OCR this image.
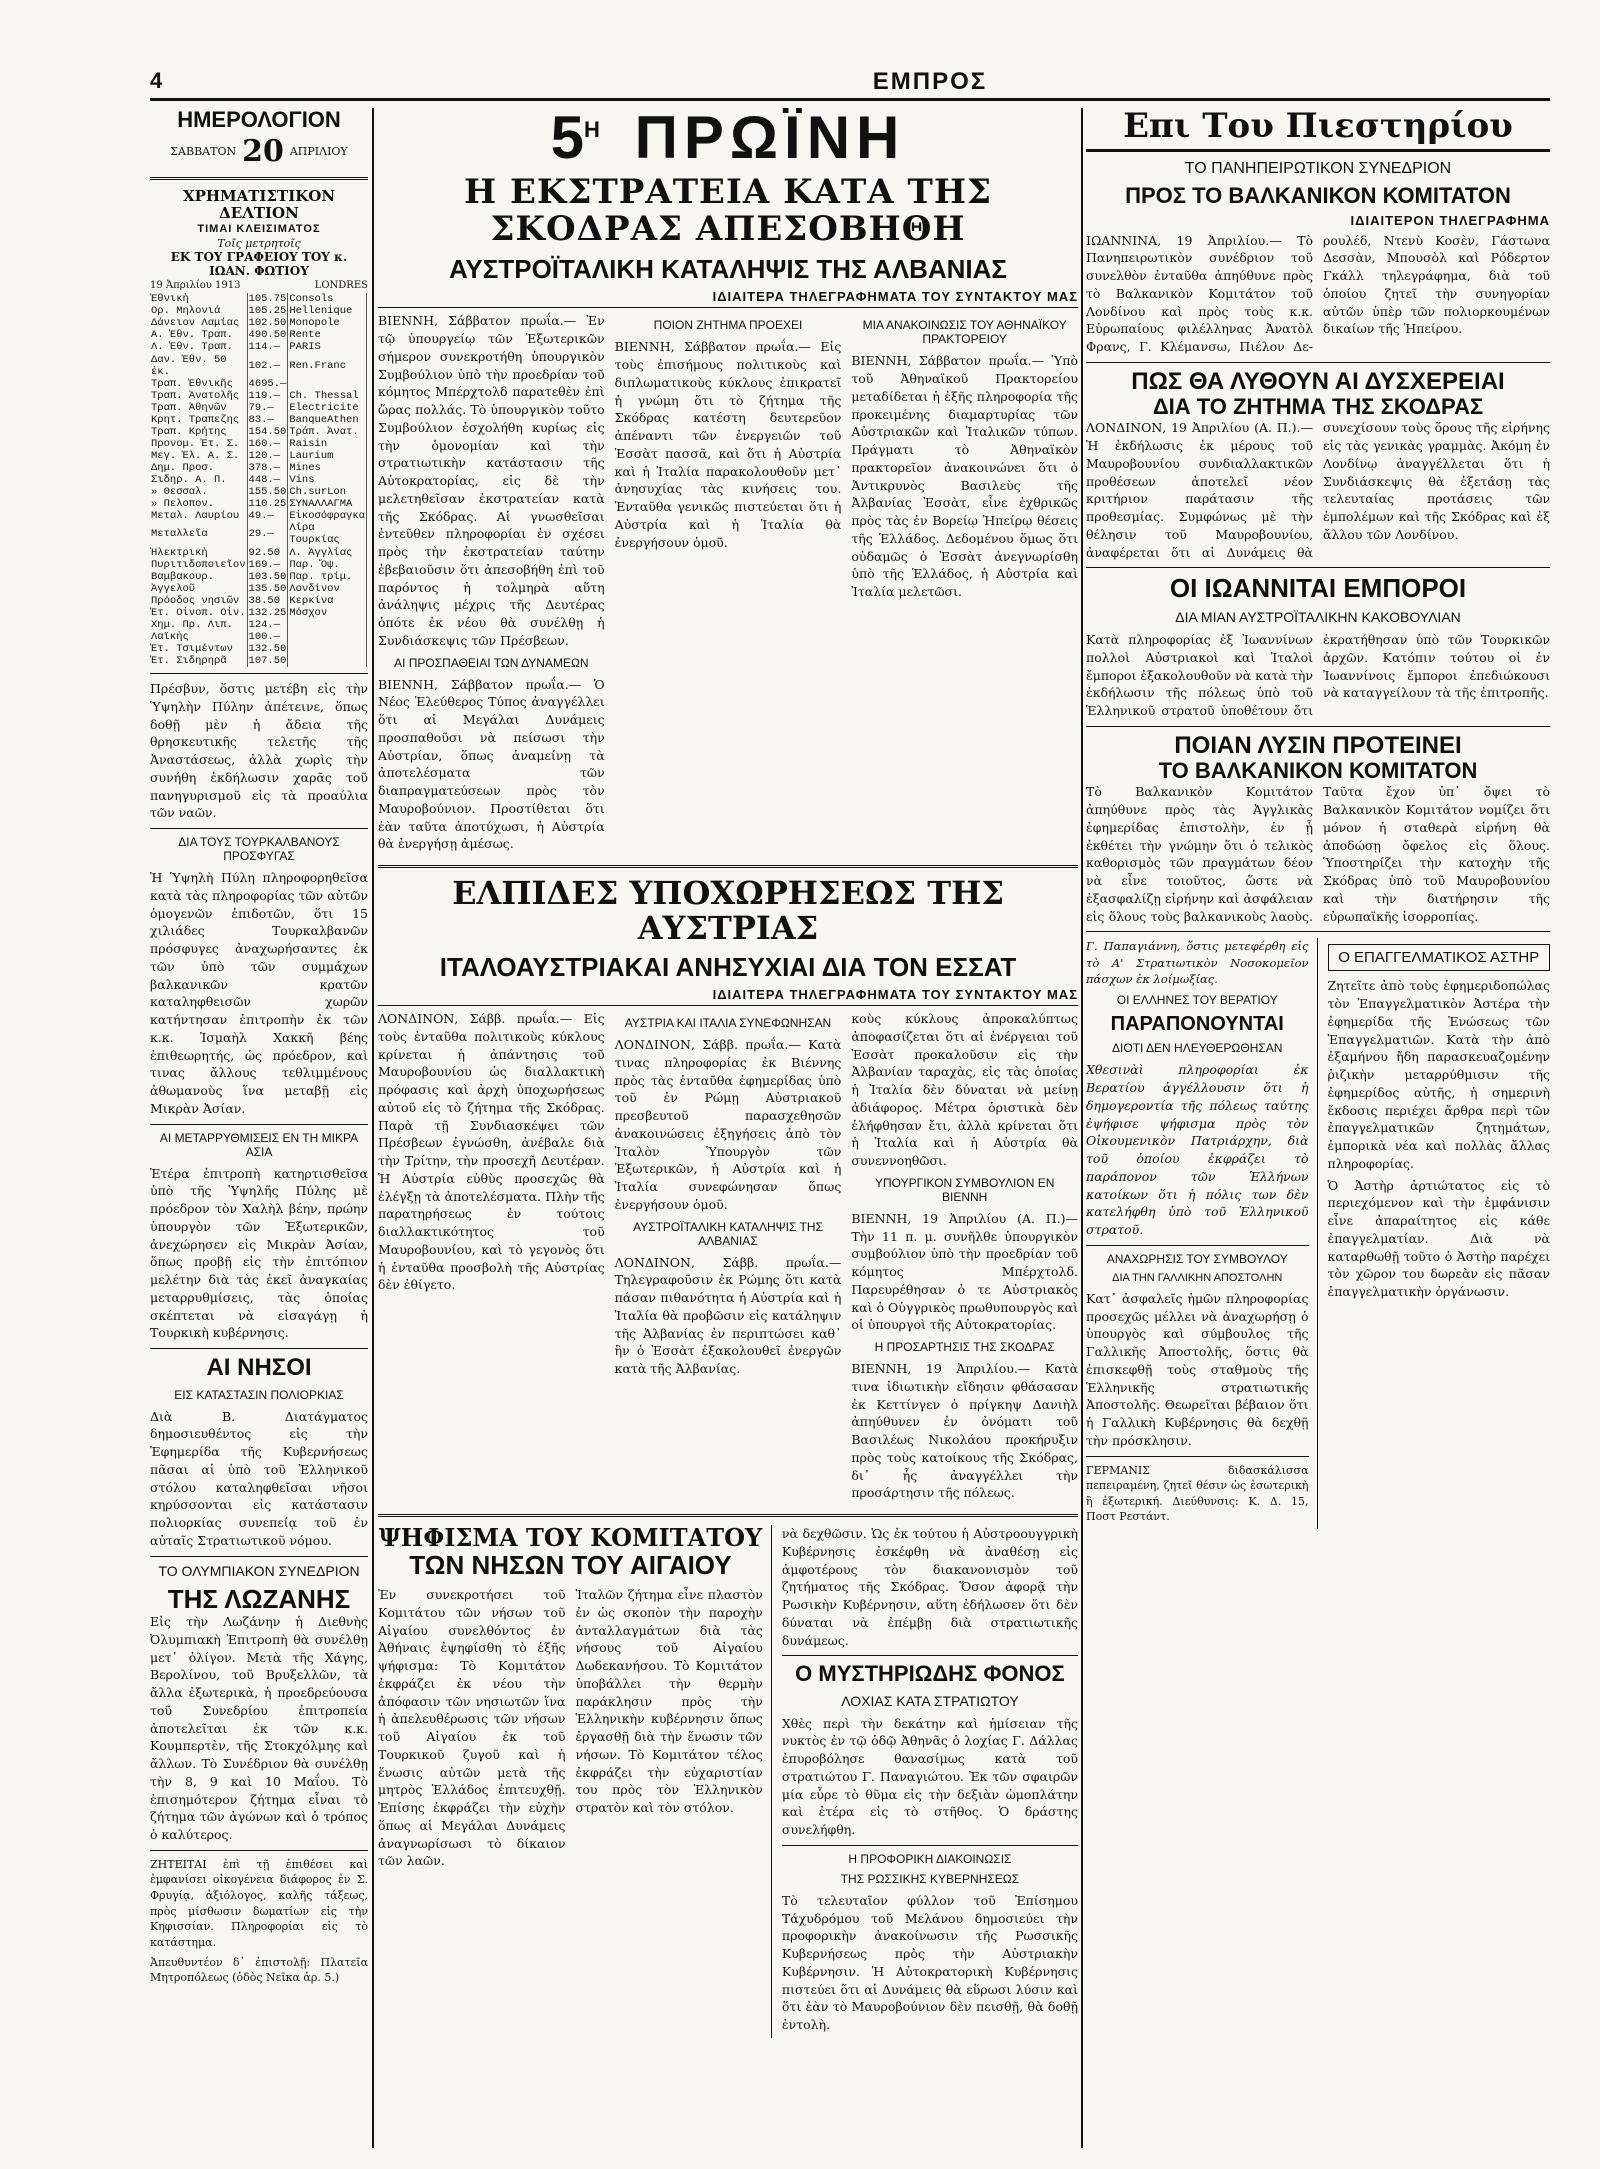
4	ΕΜΠΡΟΣ
ΗΜΕΡΟΛΟΓΙΟΝ
ΣΑΒΒΑΤΟΝ 20 ΑΠΡΙΛΙΟΥ
ΧΡΗΜΑΤΙΣΤΙΚΟΝ ΔΕΛΤΙΟΝ
ΤΙΜΑΙ ΚΛΕΙΣΙΜΑΤΟΣ
Τοῖς μετρητοῖς
ΕΚ ΤΟΥ ΓΡΑΦΕΙΟΥ ΤΟΥ κ. ΙΩΑΝ. ΦΩΤΙΟΥ
19 Ἀπριλίου 1913	LONDRES
Ἐθνικὴ	105.75	Consols	
Ορ. Μηλονιά	105.25	Hellenique	
Δάνειον Λαμίας	102.50	Monopole	
Α. Ἐθν. Τραπ.	490.50	Rente	
Λ. Ἐθν. Τραπ.	114.—	PARIS	
Δαν. Ἐθν. 50 ἐκ.	102.—	Ren.Franc	
Τραπ. Ἐθνικῆς	4695.—		
Τραπ. Ἀνατολῆς	119.—	Ch. Thessal	
Τραπ. Ἀθηνῶν	79.—	Electricite	
Κρητ. Τραπεζης	83.—	BanqueAthen	
Τραπ. Κρήτης	154.50	Τράπ. Ἀνατ.	
Προνομ. Ἐτ. Σ.	160.—	Raisin	
Μεγ. Ἐλ. Α. Σ.	120.—	Laurium	
Δημ. Προσ.	378.—	Mines	
Σιδηρ. Α. Π.	448.—	Vins	
» Θεσσαλ.	155.50	Ch.surLon	
» Πελοπον.	110.25	ΣΥΝΑΛΛΑΓΜΑ	
Μεταλ. Λαυρίου	49.—	Εἰκοσόφραγκα	
Μεταλλεῖα	29.—	Λίρα Τουρκίας	
Ἠλεκτρικὴ	92.50	Λ. Ἀγγλίας	
Πυριτιδοποιεῖον	169.—	Παρ. Ὄψ.	
Βαμβακουρ.	103.50	Παρ. τρίμ.	
Ἀγγελοῦ	135.50	Λονδίνον	
Πρόοδος νησιῶν	38.50	Κερκίνα	
Ἐτ. Οἰνοπ. Οἰν.	132.25	Μόσχον	
Χημ. Πρ. Λιπ.	124.—		
Λαϊκὴς	100.—		
Ἐτ. Τσιμέντων	132.50		
Ἐτ. Σιδηρηρᾶ	107.50		

Πρέσβυν, ὅστις μετέβη εἰς τὴν Ὑψηλὴν Πύλην ἀπέτεινε, ὅπως δοθῇ μὲν ἡ ἄδεια τῆς θρησκευτικῆς τελετῆς τῆς Ἀναστάσεως, ἀλλὰ χωρὶς τὴν συνήθη ἐκδήλωσιν χαρᾶς τοῦ πανηγυρισμοῦ εἰς τὰ προαύλια τῶν ναῶν.

ΔΙΑ ΤΟΥΣ ΤΟΥΡΚΑΛΒΑΝΟΥΣ ΠΡΟΣΦΥΓΑΣ

Ἡ Ὑψηλὴ Πύλη πληροφορηθεῖσα κατὰ τὰς πληροφορίας τῶν αὐτῶν ὁμογενῶν ἐπιδοτῶν, ὅτι 15 χιλιάδες Τουρκαλβανῶν πρόσφυγες ἀναχωρήσαντες ἐκ τῶν ὑπὸ τῶν συμμάχων βαλκανικῶν κρατῶν καταληφθεισῶν χωρῶν κατήντησαν ἐπιτροπὴν ἐκ τῶν κ.κ. Ἰσμαὴλ Χακκῆ βέης ἐπιθεωρητής, ὡς πρόεδρον, καὶ τινας ἄλλους τεθλιμμένους ἀθωμανοὺς ἵνα μεταβῇ εἰς Μικρὰν Ἀσίαν.

ΑΙ ΜΕΤΑΡΡΥΘΜΙΣΕΙΣ ΕΝ ΤΗ ΜΙΚΡΑ ΑΣΙΑ

Ἑτέρα ἐπιτροπὴ κατηρτισθεῖσα ὑπὸ τῆς Ὑψηλῆς Πύλης μὲ πρόεδρον τὸν Χαλὴλ βέην, πρώην ὑπουργὸν τῶν Ἐξωτερικῶν, ἀνεχώρησεν εἰς Μικρὰν Ἀσίαν, ὅπως προβῇ εἰς τὴν ἐπιτόπιον μελέτην διὰ τὰς ἐκεῖ ἀναγκαίας μεταρρυθμίσεις, τὰς ὁποίας σκέπτεται νὰ εἰσαγάγῃ ἡ Τουρκικὴ κυβέρνησις.

ΑΙ ΝΗΣΟΙ
ΕΙΣ ΚΑΤΑΣΤΑΣΙΝ ΠΟΛΙΟΡΚΙΑΣ

Διὰ Β. Διατάγματος δημοσιευθέντος εἰς τὴν Ἐφημερίδα τῆς Κυβερνήσεως πᾶσαι αἱ ὑπὸ τοῦ Ἑλληνικοῦ στόλου καταληφθεῖσαι νῆσοι κηρύσσονται εἰς κατάστασιν πολιορκίας συνεπείᾳ τοῦ ἐν αὐταῖς Στρατιωτικοῦ νόμου.

ΤΟ ΟΛΥΜΠΙΑΚΟΝ ΣΥΝΕΔΡΙΟΝ
ΤΗΣ ΛΩΖΑΝΗΣ

Εἰς τὴν Λωζάνην ἡ Διεθνὴς Ὀλυμπιακὴ Ἐπιτροπὴ θὰ συνέλθῃ μετ᾽ ὀλίγον. Μετὰ τῆς Χάγης, Βερολίνου, τοῦ Βρυξελλῶν, τὰ ἄλλα ἐξωτερικὰ, ἡ προεδρεύουσα τοῦ Συνεδρίου ἐπιτροπεία ἀποτελεῖται ἐκ τῶν κ.κ. Κουμπερτὲν, τῆς Στοκχόλμης καὶ ἄλλων. Τὸ Συνέδριον θὰ συνέλθῃ τὴν 8, 9 καὶ 10 Μαΐου. Τὸ ἐπισημότερον ζήτημα εἶναι τὸ ζήτημα τῶν ἀγώνων καὶ ὁ τρόπος ὁ καλύτερος.

ΖΗΤΕΙΤΑΙ ἐπὶ τῇ ἐπιθέσει καὶ ἐμφανίσει οἰκογένεια διάφορος ἐν Σ. Φρυγίᾳ, ἀξιόλογος, καλῆς τάξεως, πρὸς μίσθωσιν δωματίων εἰς τὴν Κηφισσίαν. Πληροφορίαι εἰς τὸ κατάστημα.

Ἀπευθυντέον δ᾽ ἐπιστολῇ: Πλατεῖα Μητροπόλεως (ὁδὸς Νεῖκα ἀρ. 5.)

$5^H$ ΠΡΩΪΝΗ
Η ΕΚΣΤΡΑΤΕΙΑ ΚΑΤΑ ΤΗΣ ΣΚΟΔΡΑΣ ΑΠΕΣΟΒΗΘΗ
ΑΥΣΤΡΟΪΤΑΛΙΚΗ ΚΑΤΑΛΗΨΙΣ ΤΗΣ ΑΛΒΑΝΙΑΣ
ΙΔΙΑΙΤΕΡΑ ΤΗΛΕΓΡΑΦΗΜΑΤΑ ΤΟΥ ΣΥΝΤΑΚΤΟΥ ΜΑΣ

ΒΙΕΝΝΗ, Σάββατον πρωΐα.— Ἐν τῷ ὑπουργείῳ τῶν Ἐξωτερικῶν σήμερον συνεκροτήθη ὑπουργικὸν Συμβούλιον ὑπὸ τὴν προεδρίαν τοῦ κόμητος Μπέρχτολδ παρατεθὲν ἐπὶ ὥρας πολλάς. Τὸ ὑπουργικὸν τοῦτο Συμβούλιον ἐσχολήθη κυρίως εἰς τὴν ὁμονομίαν καὶ τὴν στρατιωτικὴν κατάστασιν τῆς Αὐτοκρατορίας, εἰς δὲ τὴν μελετηθεῖσαν ἐκστρατείαν κατὰ τῆς Σκόδρας. Αἱ γνωσθεῖσαι ἐντεῦθεν πληροφορίαι ἐν σχέσει πρὸς τὴν ἐκστρατείαν ταύτην ἐβεβαιοῦσιν ὅτι ἀπεσοβήθη ἐπὶ τοῦ παρόντος ἡ τολμηρὰ αὕτη ἀνάληψις μέχρις τῆς Δευτέρας ὁπότε ἐκ νέου θὰ συνέλθῃ ἡ Συνδιάσκεψις τῶν Πρέσβεων.

ΑΙ ΠΡΟΣΠΑΘΕΙΑΙ ΤΩΝ ΔΥΝΑΜΕΩΝ

ΒΙΕΝΝΗ, Σάββατον πρωΐα.— Ὁ Νέος Ἐλεύθερος Τύπος ἀναγγέλλει ὅτι αἱ Μεγάλαι Δυνάμεις προσπαθοῦσι νὰ πείσωσι τὴν Αὐστρίαν, ὅπως ἀναμείνῃ τὰ ἀποτελέσματα τῶν διαπραγματεύσεων πρὸς τὸν Μαυροβούνιον. Προστίθεται ὅτι ἐὰν ταῦτα ἀποτύχωσι, ἡ Αὐστρία θὰ ἐνεργήσῃ ἀμέσως.

ΠΟΙΟΝ ΖΗΤΗΜΑ ΠΡΟΕΧΕΙ

ΒΙΕΝΝΗ, Σάββατον πρωΐα.— Εἰς τοὺς ἐπισήμους πολιτικοὺς καὶ διπλωματικοὺς κύκλους ἐπικρατεῖ ἡ γνώμη ὅτι τὸ ζήτημα τῆς Σκόδρας κατέστη δευτερεῦον ἀπέναντι τῶν ἐνεργειῶν τοῦ Ἐσσὰτ πασσᾶ, καὶ ὅτι ἡ Αὐστρία καὶ ἡ Ἰταλία παρακολουθοῦν μετ᾽ ἀνησυχίας τὰς κινήσεις του. Ἐνταῦθα γενικῶς πιστεύεται ὅτι ἡ Αὐστρία καὶ ἡ Ἰταλία θὰ ἐνεργήσουν ὁμοῦ.

ΜΙΑ ΑΝΑΚΟΙΝΩΣΙΣ ΤΟΥ ΑΘΗΝΑΪΚΟΥ ΠΡΑΚΤΟΡΕΙΟΥ

ΒΙΕΝΝΗ, Σάββατον πρωΐα.— Ὑπὸ τοῦ Ἀθηναϊκοῦ Πρακτορείου μεταδίδεται ἡ ἐξῆς πληροφορία τῆς προκειμένης διαμαρτυρίας τῶν Αὐστριακῶν καὶ Ἰταλικῶν τύπων. Πράγματι τὸ Ἀθηναϊκὸν πρακτορεῖον ἀνακοινώνει ὅτι ὁ Ἀντικρυνὸς Βασιλεὺς τῆς Ἀλβανίας Ἐσσὰτ, εἶνε ἐχθρικῶς πρὸς τὰς ἐν Βορείῳ Ἠπείρῳ θέσεις τῆς Ἑλλάδος. Δεδομένου ὅμως ὅτι οὐδαμῶς ὁ Ἐσσὰτ ἀνεγνωρίσθη ὑπὸ τῆς Ἑλλάδος, ἡ Αὐστρία καὶ Ἰταλία μελετῶσι.

ΕΛΠΙΔΕΣ ΥΠΟΧΩΡΗΣΕΩΣ ΤΗΣ ΑΥΣΤΡΙΑΣ
ΙΤΑΛΟΑΥΣΤΡΙΑΚΑΙ ΑΝΗΣΥΧΙΑΙ ΔΙΑ ΤΟΝ ΕΣΣΑΤ
ΙΔΙΑΙΤΕΡΑ ΤΗΛΕΓΡΑΦΗΜΑΤΑ ΤΟΥ ΣΥΝΤΑΚΤΟΥ ΜΑΣ

ΛΟΝΔΙΝΟΝ, Σάββ. πρωΐα.— Εἰς τοὺς ἐνταῦθα πολιτικοὺς κύκλους κρίνεται ἡ ἀπάντησις τοῦ Μαυροβουνίου ὡς διαλλακτικὴ πρόφασις καὶ ἀρχὴ ὑποχωρήσεως αὐτοῦ εἰς τὸ ζήτημα τῆς Σκόδρας. Παρὰ τῇ Συνδιασκέψει τῶν Πρέσβεων ἐγνώσθη, ἀνέβαλε διὰ τὴν Τρίτην, τὴν προσεχῆ Δευτέραν. Ἡ Αὐστρία εὐθὺς προσεχῶς θὰ ἐλέγξῃ τὰ ἀποτελέσματα. Πλὴν τῆς παρατηρήσεως ἐν τούτοις διαλλακτικότητος τοῦ Μαυροβουνίου, καὶ τὸ γεγονὸς ὅτι ἡ ἐνταῦθα προσβολὴ τῆς Αὐστρίας δὲν ἐθίγετο.

ΑΥΣΤΡΙΑ ΚΑΙ ΙΤΑΛΙΑ ΣΥΝΕΦΩΝΗΣΑΝ

ΛΟΝΔΙΝΟΝ, Σάββ. πρωΐα.— Κατὰ τινας πληροφορίας ἐκ Βιέννης πρὸς τὰς ἐνταῦθα ἐφημερίδας ὑπὸ τοῦ ἐν Ρώμῃ Αὐστριακοῦ πρεσβευτοῦ παρασχεθησῶν ἀνακοινώσεις ἐξηγήσεις ἀπὸ τὸν Ἰταλὸν Ὑπουργὸν τῶν Ἐξωτερικῶν, ἡ Αὐστρία καὶ ἡ Ἰταλία συνεφώνησαν ὅπως ἐνεργήσουν ὁμοῦ.

ΑΥΣΤΡΟΪΤΑΛΙΚΗ ΚΑΤΑΛΗΨΙΣ ΤΗΣ ΑΛΒΑΝΙΑΣ

ΛΟΝΔΙΝΟΝ, Σάββ. πρωΐα.— Τηλεγραφοῦσιν ἐκ Ρώμης ὅτι κατὰ πάσαν πιθανότητα ἡ Αὐστρία καὶ ἡ Ἰταλία θὰ προβῶσιν εἰς κατάληψιν τῆς Ἀλβανίας ἐν περιπτώσει καθ᾽ ἣν ὁ Ἐσσὰτ ἐξακολουθεῖ ἐνεργῶν κατὰ τῆς Ἀλβανίας.

κοὺς κύκλους ἀπροκαλύπτως ἀποφασίζεται ὅτι αἱ ἐνέργειαι τοῦ Ἐσσὰτ προκαλοῦσιν εἰς τὴν Ἀλβανίαν ταραχὰς, εἰς τὰς ὁποίας ἡ Ἰταλία δὲν δύναται νὰ μείνῃ ἀδιάφορος. Μέτρα ὁριστικὰ δὲν ἐλήφθησαν ἔτι, ἀλλὰ κρίνεται ὅτι ἡ Ἰταλία καὶ ἡ Αὐστρία θὰ συνεννοηθῶσι.

ΥΠΟΥΡΓΙΚΟΝ ΣΥΜΒΟΥΛΙΟΝ ΕΝ ΒΙΕΝΝΗ

ΒΙΕΝΝΗ, 19 Ἀπριλίου (Α. Π.)— Τὴν 11 π. μ. συνῆλθε ὑπουργικὸν συμβούλιον ὑπὸ τὴν προεδρίαν τοῦ κόμητος Μπέρχτολδ. Παρευρέθησαν ὁ τε Αὐστριακὸς καὶ ὁ Οὑγγρικὸς πρωθυπουργὸς καὶ οἱ ὑπουργοὶ τῆς Αὐτοκρατορίας.

Η ΠΡΟΣΑΡΤΗΣΙΣ ΤΗΣ ΣΚΟΔΡΑΣ

ΒΙΕΝΝΗ, 19 Ἀπριλίου.— Κατὰ τινα ἰδιωτικὴν εἴδησιν φθάσασαν ἐκ Κεττίνγεν ὁ πρίγκηψ Δανιὴλ ἀπηύθυνεν ἐν ὀνόματι τοῦ Βασιλέως Νικολάου προκήρυξιν πρὸς τοὺς κατοίκους τῆς Σκόδρας, δι᾽ ἧς ἀναγγέλλει τὴν προσάρτησιν τῆς πόλεως.

ΨΗΦΙΣΜΑ ΤΟΥ ΚΟΜΙΤΑΤΟΥ
ΤΩΝ ΝΗΣΩΝ ΤΟΥ ΑΙΓΑΙΟΥ

Ἐν συνεκροτήσει τοῦ Κομιτάτου τῶν νήσων τοῦ Αἰγαίου συνελθόντος ἐν Ἀθήναις ἐψηφίσθη τὸ ἑξῆς ψήφισμα: Τὸ Κομιτάτον ἐκφράζει ἐκ νέου τὴν ἀπόφασιν τῶν νησιωτῶν ἵνα ἡ ἀπελευθέρωσις τῶν νήσων τοῦ Αἰγαίου ἐκ τοῦ Τουρκικοῦ ζυγοῦ καὶ ἡ ἕνωσις αὐτῶν μετὰ τῆς μητρὸς Ἑλλάδος ἐπιτευχθῇ. Ἐπίσης ἐκφράζει τὴν εὐχὴν ὅπως αἱ Μεγάλαι Δυνάμεις ἀναγνωρίσωσι τὸ δίκαιον τῶν λαῶν.

Ἰταλῶν ζήτημα εἶνε πλαστὸν ἐν ὡς σκοπὸν τὴν παροχὴν ἀνταλλαγμάτων διὰ τὰς νήσους τοῦ Αἰγαίου Δωδεκανήσου. Τὸ Κομιτάτον ὑποβάλλει τὴν θερμὴν παράκλησιν πρὸς τὴν Ἑλληνικὴν κυβέρνησιν ὅπως ἐργασθῇ διὰ τὴν ἕνωσιν τῶν νήσων. Τὸ Κομιτάτον τέλος ἐκφράζει τὴν εὐχαριστίαν του πρὸς τὸν Ἑλληνικὸν στρατὸν καὶ τὸν στόλον.

νὰ δεχθῶσιν. Ὡς ἐκ τούτου ἡ Αὐστροουγγρικὴ Κυβέρνησις ἐσκέφθη νὰ ἀναθέσῃ εἰς ἀμφοτέρους τὸν διακανονισμὸν τοῦ ζητήματος τῆς Σκόδρας. Ὅσον ἀφορᾷ τὴν Ρωσικὴν Κυβέρνησιν, αὕτη ἐδήλωσεν ὅτι δὲν δύναται νὰ ἐπέμβῃ διὰ στρατιωτικῆς δυνάμεως.

Ο ΜΥΣΤΗΡΙΩΔΗΣ ΦΟΝΟΣ
ΛΟΧΙΑΣ ΚΑΤΑ ΣΤΡΑΤΙΩΤΟΥ

Χθὲς περὶ τὴν δεκάτην καὶ ἡμίσειαν τῆς νυκτὸς ἐν τῷ ὁδῷ Ἀθηνᾶς ὁ λοχίας Γ. Δάλλας ἐπυροβόλησε θανασίμως κατὰ τοῦ στρατιώτου Γ. Παναγιώτου. Ἐκ τῶν σφαιρῶν μία εὗρε τὸ θῦμα εἰς τὴν δεξιὰν ὠμοπλάτην καὶ ἐτέρα εἰς τὸ στῆθος. Ὁ δράστης συνελήφθη.

Η ΠΡΟΦΟΡΙΚΗ ΔΙΑΚΟΙΝΩΣΙΣ
ΤΗΣ ΡΩΣΣΙΚΗΣ ΚΥΒΕΡΝΗΣΕΩΣ

Τὸ τελευταῖον φύλλον τοῦ Ἐπίσημου Τάχυδρόμου τοῦ Μελάνου δημοσιεύει τὴν προφορικὴν ἀνακοίνωσιν τῆς Ρωσσικῆς Κυβερνήσεως πρὸς τὴν Αὐστριακὴν Κυβέρνησιν. Ἡ Αὐτοκρατορικὴ Κυβέρνησις πιστεύει ὅτι αἱ Δυνάμεις θὰ εὕρωσι λύσιν καὶ ὅτι ἐὰν τὸ Μαυροβούνιον δὲν πεισθῇ, θὰ δοθῇ ἐντολὴ.

Επι Του Πιεστηρίου
ΤΟ ΠΑΝΗΠΕΙΡΩΤΙΚΟΝ ΣΥΝΕΔΡΙΟΝ
ΠΡΟΣ ΤΟ ΒΑΛΚΑΝΙΚΟΝ ΚΟΜΙΤΑΤΟΝ
ΙΔΙΑΙΤΕΡΟΝ ΤΗΛΕΓΡΑΦΗΜΑ

ΙΩΑΝΝΙΝΑ, 19 Ἀπριλίου.— Τὸ Πανηπειρωτικὸν συνέδριον τοῦ συνελθὸν ἐνταῦθα ἀπηύθυνε πρὸς τὸ Βαλκανικὸν Κομιτάτον τοῦ Λονδίνου καὶ πρὸς τοὺς κ.κ. Εὐρωπαίους φιλέλληνας Ἀνατὸλ Φρανς, Γ. Κλέμανσω, Πιέλον Δε- ρουλέδ, Ντενὺ Κοσὲν, Γάστωνα Δεσσὰν, Μπουσὸλ καὶ Ρόδερτον Γκάλλ τηλεγράφημα, διὰ τοῦ ὁποίου ζητεῖ τὴν συνηγορίαν αὐτῶν ὑπὲρ τῶν πολιορκουμένων δικαίων τῆς Ἠπείρου.

ΠΩΣ ΘΑ ΛΥΘΟΥΝ ΑΙ ΔΥΣΧΕΡΕΙΑΙ
ΔΙΑ ΤΟ ΖΗΤΗΜΑ ΤΗΣ ΣΚΟΔΡΑΣ

ΛΟΝΔΙΝΟΝ, 19 Ἀπριλίου (Α. Π.).— Ἡ ἐκδήλωσις ἐκ μέρους τοῦ Μαυροβουνίου συνδιαλλακτικῶν προθέσεων ἀποτελεῖ νέον κριτήριον παράτασιν τῆς προθεσμίας. Συμφώνως μὲ τὴν θέλησιν τοῦ Μαυροβουνίου, ἀναφέρεται ὅτι αἱ Δυνάμεις θὰ συνεχίσουν τοὺς ὅρους τῆς εἰρήνης εἰς τὰς γενικὰς γραμμὰς. Ἀκόμη ἐν Λονδίνῳ ἀναγγέλλεται ὅτι ἡ Συνδιάσκεψις θὰ ἐξετάσῃ τὰς τελευταίας προτάσεις τῶν ἐμπολέμων καὶ τῆς Σκόδρας καὶ ἐξ ἄλλου τῶν Λονδίνου.

ΟΙ ΙΩΑΝΝΙΤΑΙ ΕΜΠΟΡΟΙ
ΔΙΑ ΜΙΑΝ ΑΥΣΤΡΟΪΤΑΛΙΚΗΝ ΚΑΚΟΒΟΥΛΙΑΝ

Κατὰ πληροφορίας ἐξ Ἰωαννίνων πολλοὶ Αὐστριακοὶ καὶ Ἰταλοὶ ἔμποροι ἐξακολουθοῦν νὰ κατὰ τὴν ἐκδήλωσιν τῆς πόλεως ὑπὸ τοῦ Ἑλληνικοῦ στρατοῦ ὑποθέτουν ὅτι ἐκρατήθησαν ὑπὸ τῶν Τουρκικῶν ἀρχῶν. Κατόπιν τούτου οἱ ἐν Ἰωαννίνοις ἔμποροι ἐπεδιώκουσι νὰ καταγγείλουν τὰ τῆς ἐπιτροπῆς.

ΠΟΙΑΝ ΛΥΣΙΝ ΠΡΟΤΕΙΝΕΙ
ΤΟ ΒΑΛΚΑΝΙΚΟΝ ΚΟΜΙΤΑΤΟΝ

Τὸ Βαλκανικὸν Κομιτάτον ἀπηύθυνε πρὸς τὰς Ἀγγλικὰς ἐφημερίδας ἐπιστολὴν, ἐν ᾗ ἐκθέτει τὴν γνώμην ὅτι ὁ τελικὸς καθορισμὸς τῶν πραγμάτων δέον νὰ εἶνε τοιοῦτος, ὥστε νὰ ἐξασφαλίζῃ εἰρήνην καὶ ἀσφάλειαν εἰς ὅλους τοὺς βαλκανικοὺς λαοὺς. Ταῦτα ἔχον ὑπ᾽ ὄψει τὸ Βαλκανικὸν Κομιτάτον νομίζει ὅτι μόνον ἡ σταθερὰ εἰρήνη θὰ ἀποδώσῃ ὄφελος εἰς ὅλους. Ὑποστηρίζει τὴν κατοχὴν τῆς Σκόδρας ὑπὸ τοῦ Μαυροβουνίου καὶ τὴν διατήρησιν τῆς εὐρωπαϊκῆς ἰσορροπίας.

Γ. Παπαγιάννη, ὅστις μετεφέρθη εἰς τὸ Α' Στρατιωτικὸν Νοσοκομεῖον πάσχων ἐκ λοίμωξίας.

ΟΙ ΕΛΛΗΝΕΣ ΤΟΥ ΒΕΡΑΤΙΟΥ
ΠΑΡΑΠΟΝΟΥΝΤΑΙ
ΔΙΟΤΙ ΔΕΝ ΗΛΕΥΘΕΡΩΘΗΣΑΝ

Χθεσινὰὶ πληροφορίαι ἐκ Βερατίου ἀγγέλλουσιν ὅτι ἡ δημογεροντία τῆς πόλεως ταύτης ἐψήφισε ψήφισμα πρὸς τὸν Οἰκουμενικὸν Πατριάρχην, διὰ τοῦ ὁποίου ἐκφράζει τὸ παράπονον τῶν Ἑλλήνων κατοίκων ὅτι ἡ πόλις των δὲν κατελήφθη ὑπὸ τοῦ Ἑλληνικοῦ στρατοῦ.

ΑΝΑΧΩΡΗΣΙΣ ΤΟΥ ΣΥΜΒΟΥΛΟΥ
ΔΙΑ ΤΗΝ ΓΑΛΛΙΚΗΝ ΑΠΟΣΤΟΛΗΝ

Κατ᾽ ἀσφαλεῖς ἡμῶν πληροφορίας προσεχῶς μέλλει νὰ ἀναχωρήσῃ ὁ ὑπουργὸς καὶ σύμβουλος τῆς Γαλλικῆς Ἀποστολῆς, ὅστις θὰ ἐπισκεφθῇ τοὺς σταθμοὺς τῆς Ἑλληνικῆς στρατιωτικῆς Ἀποστολῆς. Θεωρεῖται βέβαιον ὅτι ἡ Γαλλικὴ Κυβέρνησις θὰ δεχθῇ τὴν πρόσκλησιν.

ΓΕΡΜΑΝΙΣ διδασκάλισσα πεπειραμένη, ζητεῖ θέσιν ὡς ἐσωτερικὴ ἢ ἐξωτερική. Διεύθυνσις: Κ. Δ. 15, Ποστ Ρεστάντ.

Ο ΕΠΑΓΓΕΛΜΑΤΙΚΟΣ ΑΣΤΗΡ

Ζητεῖτε ἀπὸ τοὺς ἐφημεριδοπώλας τὸν Ἐπαγγελματικὸν Ἀστέρα τὴν ἐφημερίδα τῆς Ἑνώσεως τῶν Ἐπαγγελματιῶν. Κατὰ τὴν ἀπὸ ἐξαμήνου ἤδη παρασκευαζομένην ῥιζικὴν μεταρρύθμισιν τῆς ἐφημερίδος αὐτῆς, ἡ σημερινὴ ἔκδοσις περιέχει ἄρθρα περὶ τῶν ἐπαγγελματικῶν ζητημάτων, ἐμπορικὰ νέα καὶ πολλὰς ἄλλας πληροφορίας.

Ὁ Ἀστὴρ ἀρτιώτατος εἰς τὸ περιεχόμενον καὶ τὴν ἐμφάνισιν εἶνε ἀπαραίτητος εἰς κάθε ἐπαγγελματίαν. Διὰ νὰ καταρθωθῇ τοῦτο ὁ Ἀστὴρ παρέχει τὸν χῶρον του δωρεὰν εἰς πᾶσαν ἐπαγγελματικὴν ὀργάνωσιν.
